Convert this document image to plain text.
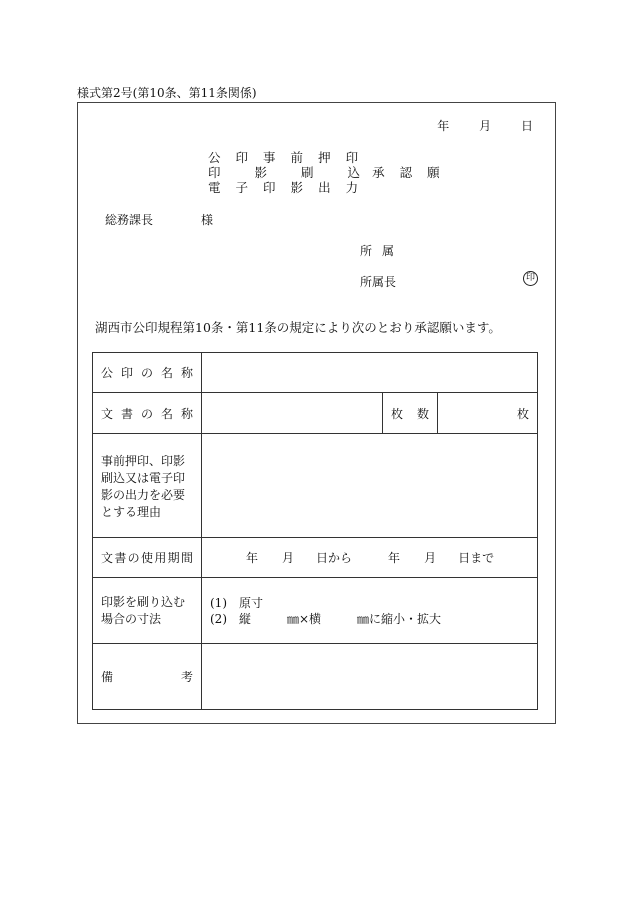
様式第2号(第10条、第11条関係)
年 月 日
公 印 事 前 押 印
印	影	刷	込 承認願
電 子 印 影 出 力
総務課長	様
所属
所属長	印
湖西市公印規程第10条・第11条の規定により次のとおり承認願います。
公印の名称			
文書の名称		枚数	枚
事前押印、印影刷込又は電子印影の出力を必要とする理由			
文書の使用期間	年 月 日から 年 月 日まで		
印影を刷り込む場合の寸法	(1)　原寸
(2)　縦　　　㎜×横　　　㎜に縮小・拡大		

備考			
